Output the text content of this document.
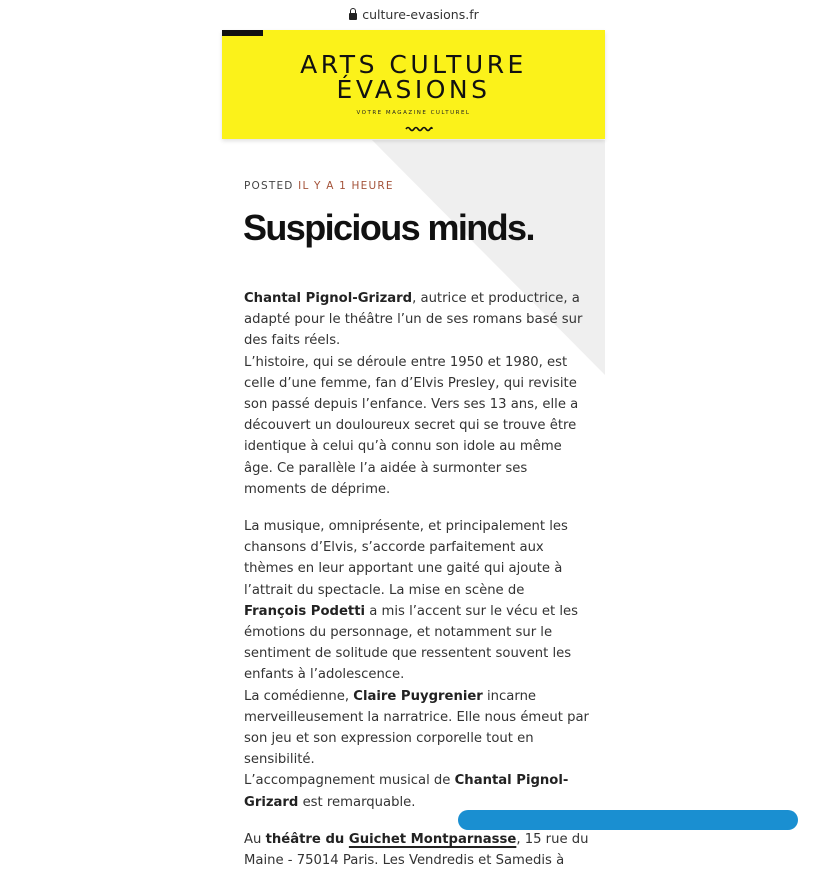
culture-evasions.fr
ARTS CULTURE
ÉVASIONS
VOTRE MAGAZINE CULTUREL
POSTED IL Y A 1 HEURE
Suspicious minds.

Chantal Pignol-Grizard, autrice et productrice, a adapté pour le théâtre l’un de ses romans basé sur des faits réels.
L’histoire, qui se déroule entre 1950 et 1980, est celle d’une femme, fan d’Elvis Presley, qui revisite son passé depuis l’enfance. Vers ses 13 ans, elle a découvert un douloureux secret qui se trouve être identique à celui qu’à connu son idole au même âge. Ce parallèle l’a aidée à surmonter ses moments de déprime.

La musique, omniprésente, et principalement les chansons d’Elvis, s’accorde parfaitement aux thèmes en leur apportant une gaité qui ajoute à l’attrait du spectacle. La mise en scène de François Podetti a mis l’accent sur le vécu et les émotions du personnage, et notamment sur le sentiment de solitude que ressentent souvent les enfants à l’adolescence.
La comédienne, Claire Puygrenier incarne merveilleusement la narratrice. Elle nous émeut par son jeu et son expression corporelle tout en sensibilité.
L’accompagnement musical de Chantal Pignol-Grizard est remarquable.

Au théâtre du Guichet Montparnasse, 15 rue du Maine - 75014 Paris. Les Vendredis et Samedis à
